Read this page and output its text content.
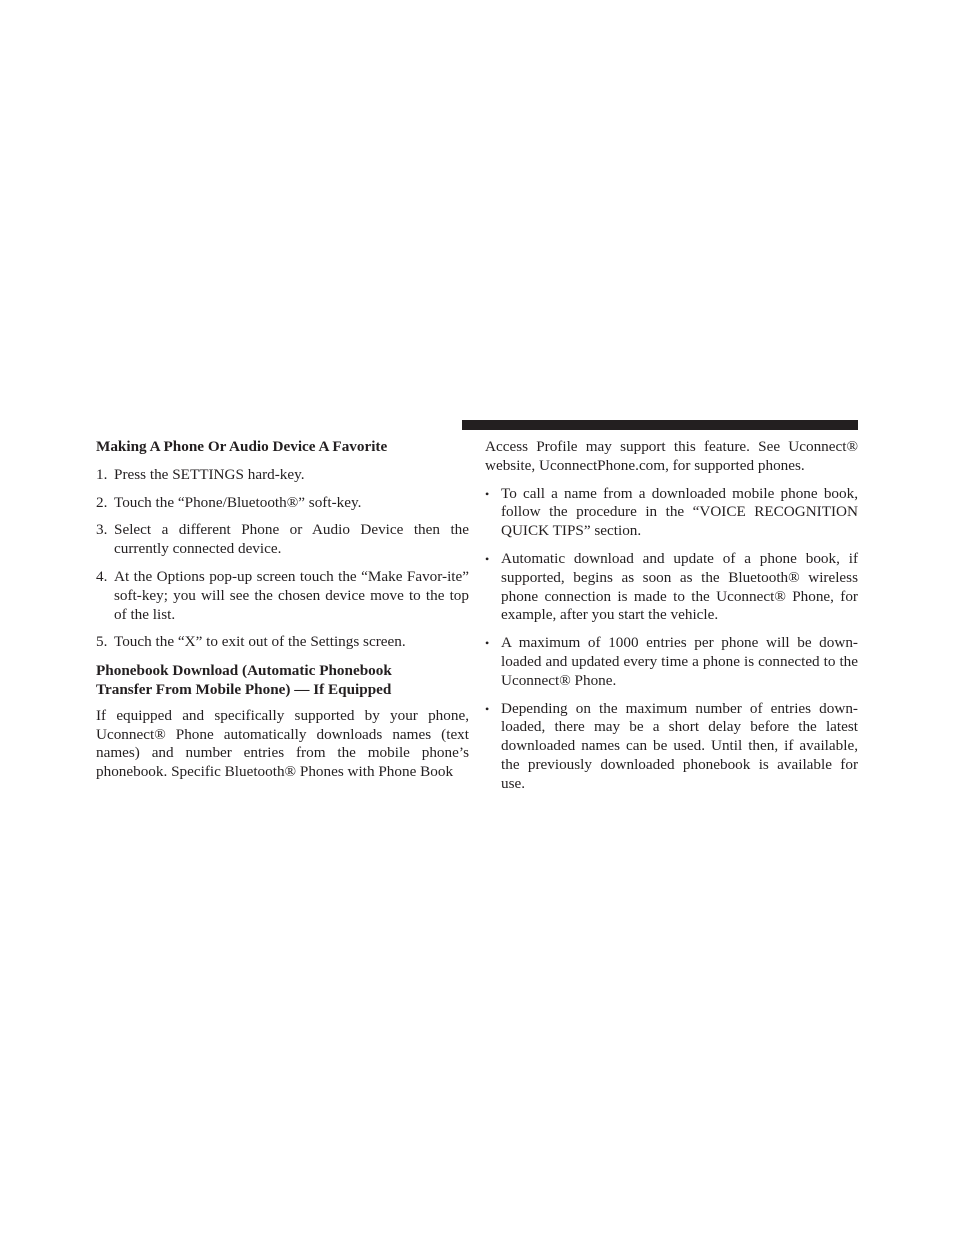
Making A Phone Or Audio Device A Favorite
1. Press the SETTINGS hard-key.
2. Touch the “Phone/Bluetooth®” soft-key.
3. Select a different Phone or Audio Device then the currently connected device.
4. At the Options pop-up screen touch the “Make Favor-ite” soft-key; you will see the chosen device move to the top of the list.
5. Touch the “X” to exit out of the Settings screen.
Phonebook Download (Automatic Phonebook
Transfer From Mobile Phone) — If Equipped

If equipped and specifically supported by your phone, Uconnect® Phone automatically downloads names (text names) and number entries from the mobile phone’s phonebook. Specific Bluetooth® Phones with Phone Book

Access Profile may support this feature. See Uconnect® website, UconnectPhone.com, for supported phones.

• To call a name from a downloaded mobile phone book, follow the procedure in the “VOICE RECOGNITION QUICK TIPS” section.
• Automatic download and update of a phone book, if supported, begins as soon as the Bluetooth® wireless phone connection is made to the Uconnect® Phone, for example, after you start the vehicle.
• A maximum of 1000 entries per phone will be down-loaded and updated every time a phone is connected to the Uconnect® Phone.
• Depending on the maximum number of entries down-loaded, there may be a short delay before the latest downloaded names can be used. Until then, if available, the previously downloaded phonebook is available for use.
